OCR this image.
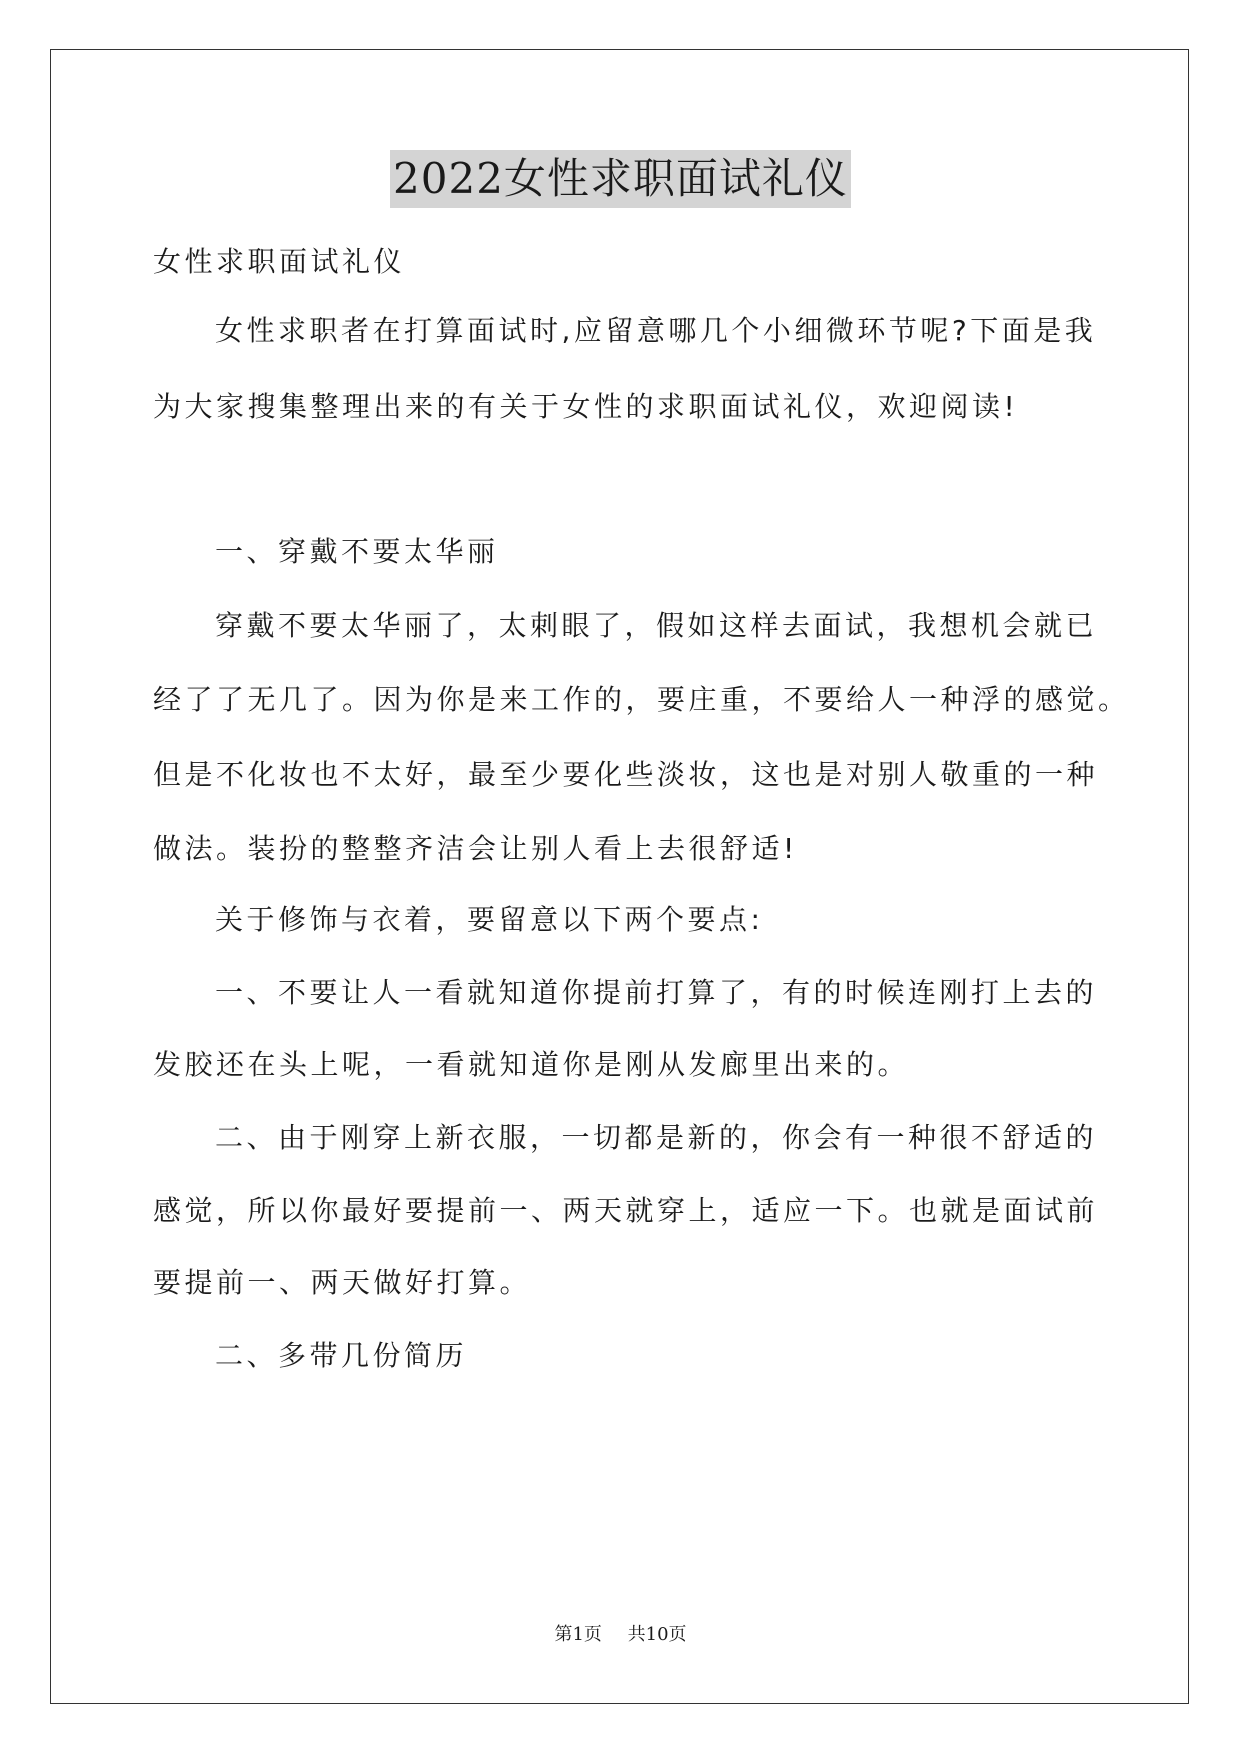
2022女性求职面试礼仪
女性求职面试礼仪
女性求职者在打算面试时,应留意哪几个小细微环节呢?下面是我
为大家搜集整理出来的有关于女性的求职面试礼仪，欢迎阅读!
一、穿戴不要太华丽
穿戴不要太华丽了，太刺眼了，假如这样去面试，我想机会就已
经了了无几了。因为你是来工作的，要庄重，不要给人一种浮的感觉。
但是不化妆也不太好，最至少要化些淡妆，这也是对别人敬重的一种
做法。装扮的整整齐洁会让别人看上去很舒适!
关于修饰与衣着，要留意以下两个要点:
一、不要让人一看就知道你提前打算了，有的时候连刚打上去的
发胶还在头上呢，一看就知道你是刚从发廊里出来的。
二、由于刚穿上新衣服，一切都是新的，你会有一种很不舒适的
感觉，所以你最好要提前一、两天就穿上，适应一下。也就是面试前
要提前一、两天做好打算。
二、多带几份简历
第1页 共10页
